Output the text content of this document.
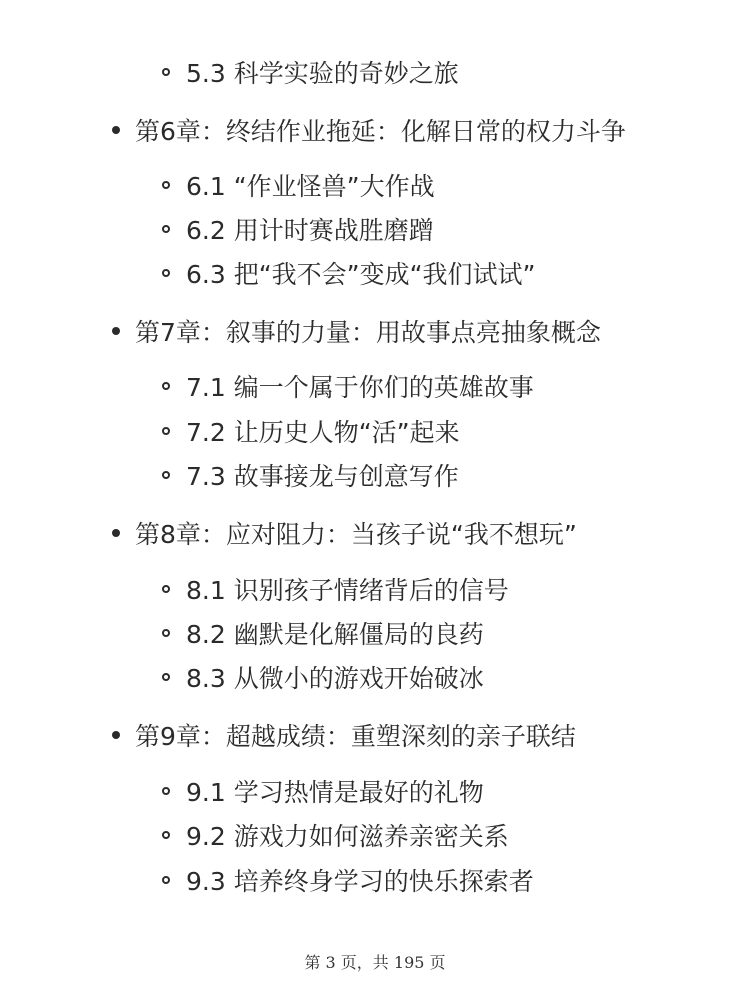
5.3 科学实验的奇妙之旅
第6章：终结作业拖延：化解日常的权力斗争
6.1 “作业怪兽”大作战
6.2 用计时赛战胜磨蹭
6.3 把“我不会”变成“我们试试”
第7章：叙事的力量：用故事点亮抽象概念
7.1 编一个属于你们的英雄故事
7.2 让历史人物“活”起来
7.3 故事接龙与创意写作
第8章：应对阻力：当孩子说“我不想玩”
8.1 识别孩子情绪背后的信号
8.2 幽默是化解僵局的良药
8.3 从微小的游戏开始破冰
第9章：超越成绩：重塑深刻的亲子联结
9.1 学习热情是最好的礼物
9.2 游戏力如何滋养亲密关系
9.3 培养终身学习的快乐探索者
第 3 页，共 195 页
